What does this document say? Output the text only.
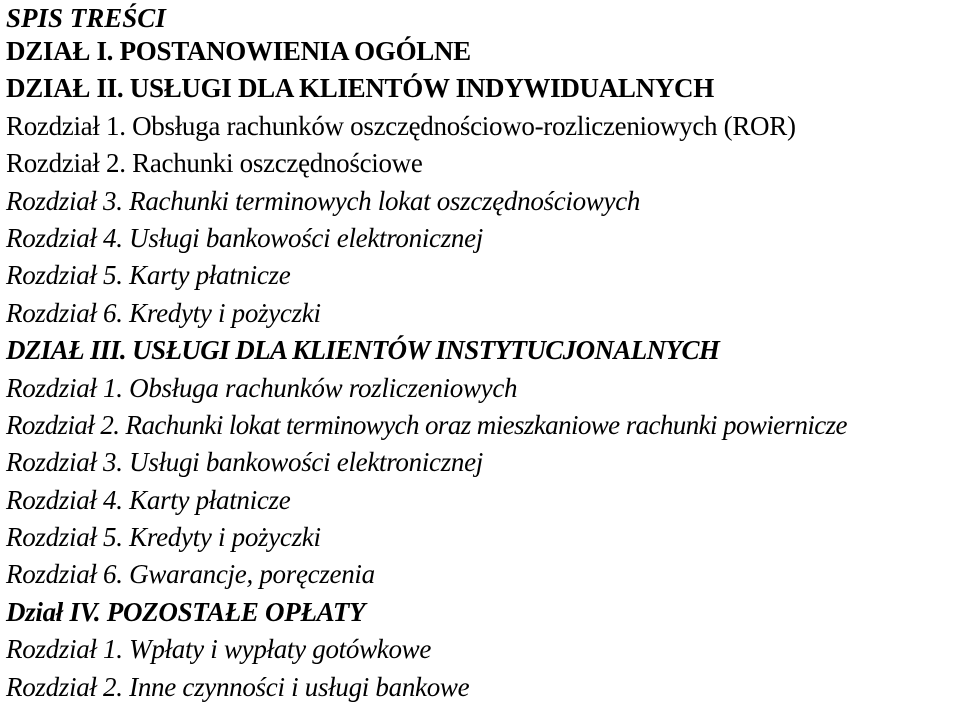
SPIS TREŚCI
DZIAŁ I. POSTANOWIENIA OGÓLNE
DZIAŁ II. USŁUGI DLA KLIENTÓW INDYWIDUALNYCH
Rozdział 1. Obsługa rachunków oszczędnościowo-rozliczeniowych (ROR)
Rozdział 2. Rachunki oszczędnościowe
Rozdział 3. Rachunki terminowych lokat oszczędnościowych
Rozdział 4. Usługi bankowości elektronicznej
Rozdział 5. Karty płatnicze
Rozdział 6. Kredyty i pożyczki
DZIAŁ III. USŁUGI DLA KLIENTÓW INSTYTUCJONALNYCH
Rozdział 1. Obsługa rachunków rozliczeniowych
Rozdział 2. Rachunki lokat terminowych oraz mieszkaniowe rachunki powiernicze
Rozdział 3. Usługi bankowości elektronicznej
Rozdział 4. Karty płatnicze
Rozdział 5. Kredyty i pożyczki
Rozdział 6. Gwarancje, poręczenia
Dział IV. POZOSTAŁE OPŁATY
Rozdział 1. Wpłaty i wypłaty gotówkowe
Rozdział 2. Inne czynności i usługi bankowe
